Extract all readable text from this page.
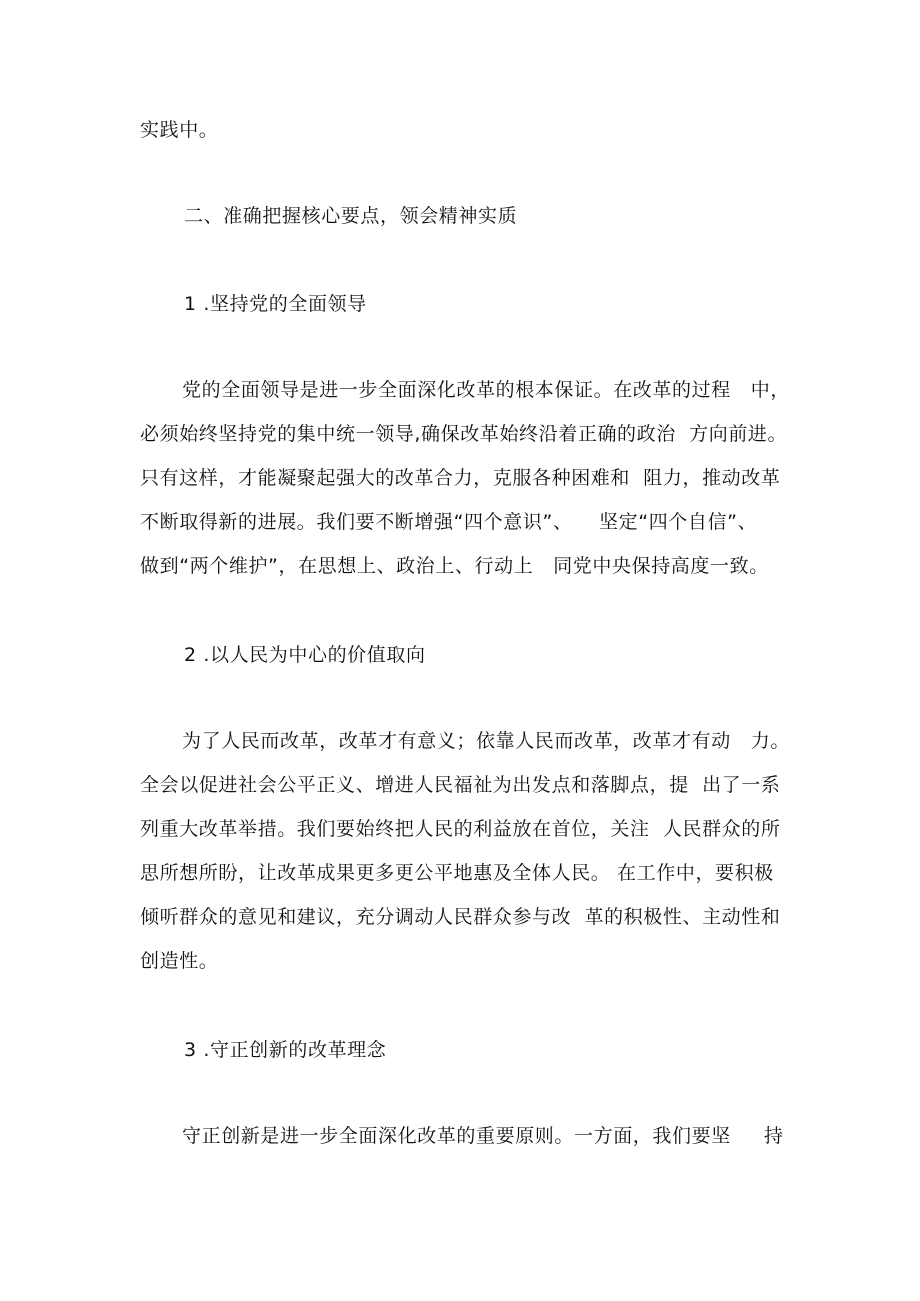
实践中。
二、准确把握核心要点，领会精神实质
1 .坚持党的全面领导
党的全面领导是进一步全面深化改革的根本保证。在改革的过程   中，
必须始终坚持党的集中统一领导,确保改革始终沿着正确的政治  方向前进。
只有这样，才能凝聚起强大的改革合力，克服各种困难和  阻力，推动改革
不断取得新的进展。我们要不断增强“四个意识”、    坚定“四个自信”、
做到“两个维护”，在思想上、政治上、行动上   同党中央保持高度一致。
2 .以人民为中心的价值取向
为了人民而改革，改革才有意义；依靠人民而改革，改革才有动   力。
全会以促进社会公平正义、增进人民福祉为出发点和落脚点，提  出了一系
列重大改革举措。我们要始终把人民的利益放在首位，关注  人民群众的所
思所想所盼，让改革成果更多更公平地惠及全体人民。 在工作中，要积极
倾听群众的意见和建议，充分调动人民群众参与改  革的积极性、主动性和
创造性。
3 .守正创新的改革理念
守正创新是进一步全面深化改革的重要原则。一方面，我们要坚     持
